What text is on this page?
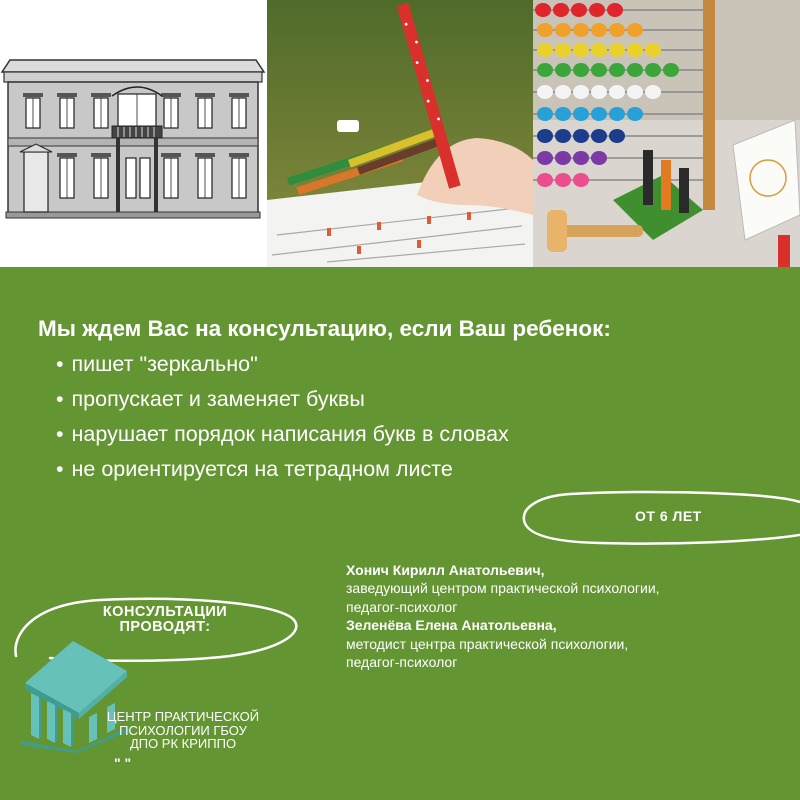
Мы ждем Вас на консультацию, если Ваш ребенок:
• пишет "зеркально"
• пропускает и заменяет буквы
• нарушает порядок написания букв в словах
• не ориентируется на тетрадном листе
ОТ 6 ЛЕТ
КОНСУЛЬТАЦИИ ПРОВОДЯТ:
Хонич Кирилл Анатольевич,
заведующий центром практической психологии,
педагог-психолог
Зеленёва Елена Анатольевна,
методист центра практической психологии,
педагог-психолог
ЦЕНТР ПРАКТИЧЕСКОЙ ПСИХОЛОГИИ ГБОУ ДПО РК КРИППО
" "
